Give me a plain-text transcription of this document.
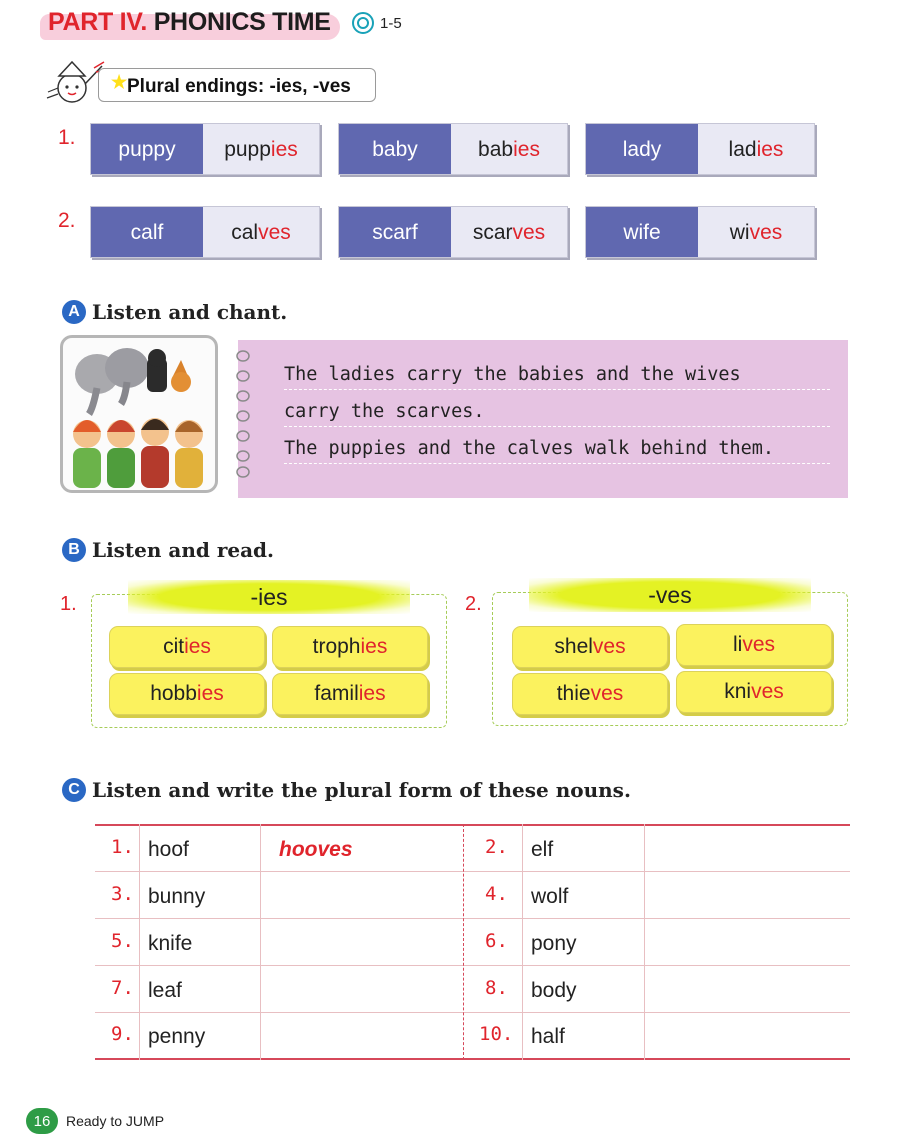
PART IV. PHONICS TIME	1-5
★ Plural endings: -ies, -ves
1.
puppy	pupp ies	baby	bab ies	lady	lad ies
2.
calf	cal ves	scarf	scar ves	wife	wi ves
A Listen and chant.
The ladies carry the babies and the wives
carry the scarves.
The puppies and the calves walk behind them.
B Listen and read.
1.	-ies
cit ies	troph ies
hobb ies	famil ies
2.	-ves
shel ves	li ves
thie ves	kni ves
C Listen and write the plural form of these nouns.
1. hoof	hooves	2. elf
3. bunny	4. wolf
5. knife	6. pony
7. leaf	8. body
9. penny	10. half
16	Ready to JUMP
